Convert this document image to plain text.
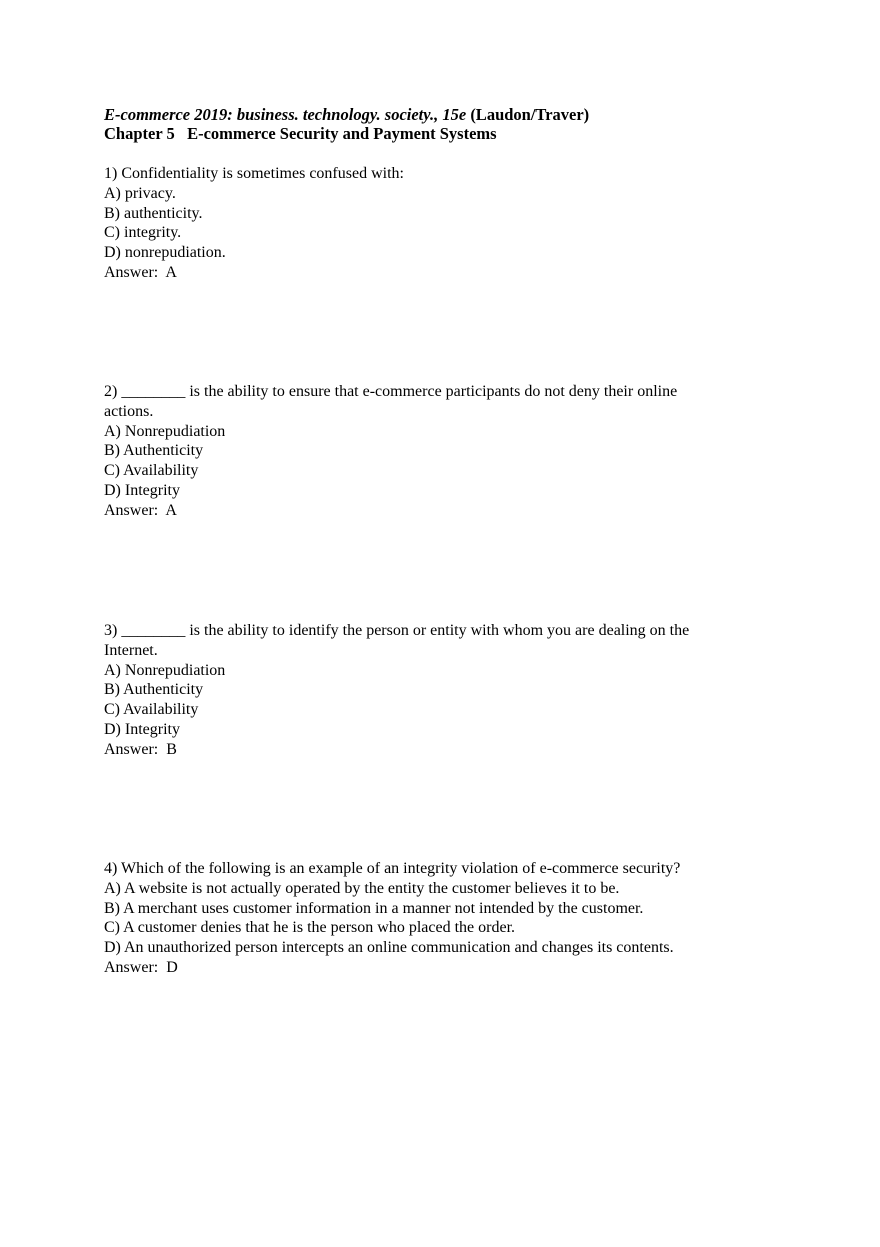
E-commerce 2019: business. technology. society., 15e (Laudon/Traver)
Chapter 5   E-commerce Security and Payment Systems
1) Confidentiality is sometimes confused with:
A) privacy.
B) authenticity.
C) integrity.
D) nonrepudiation.
Answer:  A
2) ________ is the ability to ensure that e-commerce participants do not deny their online
actions.
A) Nonrepudiation
B) Authenticity
C) Availability
D) Integrity
Answer:  A
3) ________ is the ability to identify the person or entity with whom you are dealing on the
Internet.
A) Nonrepudiation
B) Authenticity
C) Availability
D) Integrity
Answer:  B
4) Which of the following is an example of an integrity violation of e-commerce security?
A) A website is not actually operated by the entity the customer believes it to be.
B) A merchant uses customer information in a manner not intended by the customer.
C) A customer denies that he is the person who placed the order.
D) An unauthorized person intercepts an online communication and changes its contents.
Answer:  D
